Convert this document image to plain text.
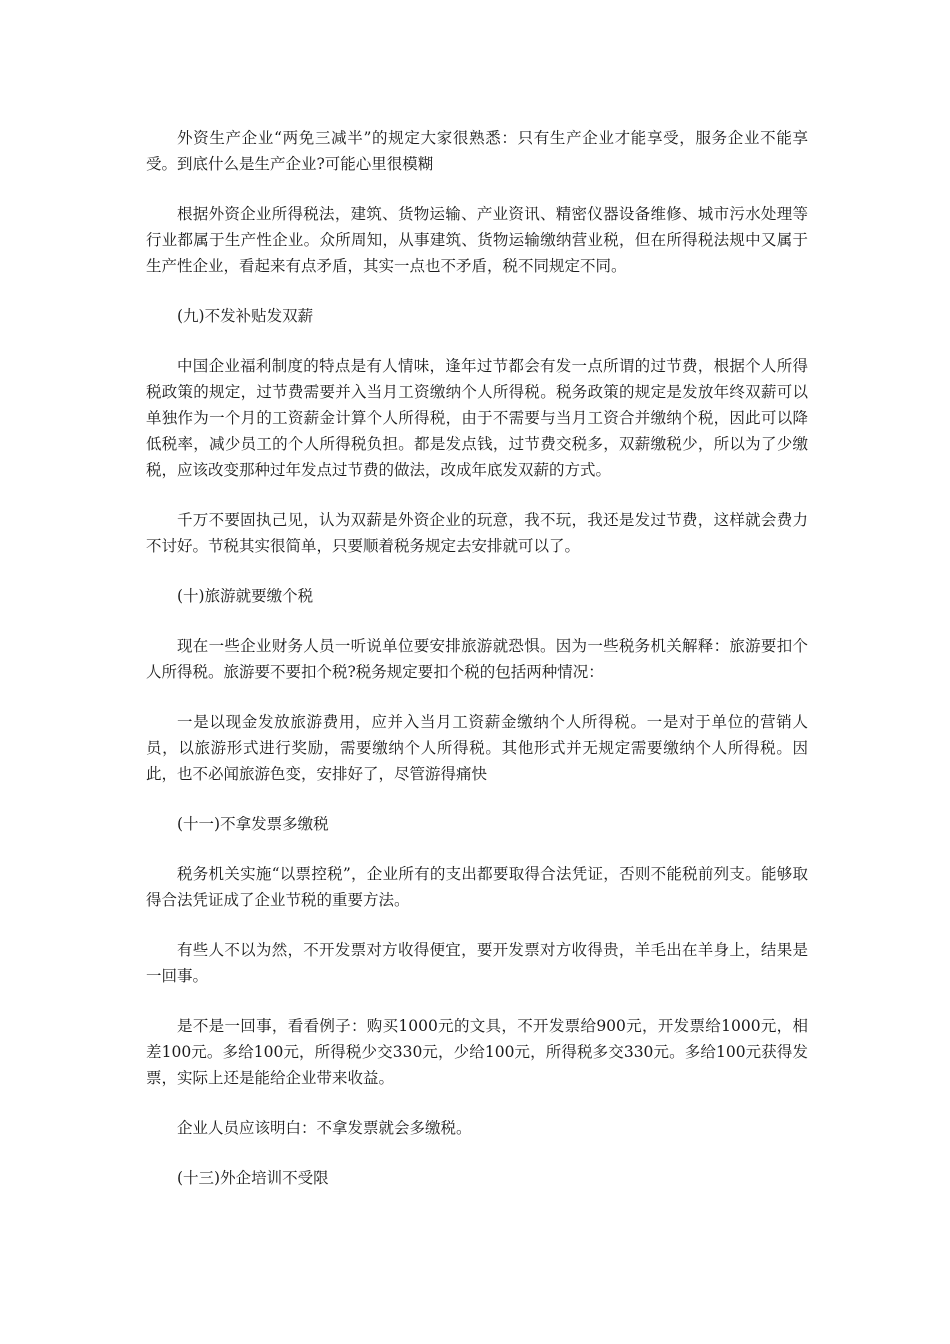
外资生产企业“两免三减半”的规定大家很熟悉：只有生产企业才能享受，服务企业不能享受。到底什么是生产企业?可能心里很模糊

根据外资企业所得税法，建筑、货物运输、产业资讯、精密仪器设备维修、城市污水处理等行业都属于生产性企业。众所周知，从事建筑、货物运输缴纳营业税，但在所得税法规中又属于生产性企业，看起来有点矛盾，其实一点也不矛盾，税不同规定不同。

(九)不发补贴发双薪

中国企业福利制度的特点是有人情味，逢年过节都会有发一点所谓的过节费，根据个人所得税政策的规定，过节费需要并入当月工资缴纳个人所得税。税务政策的规定是发放年终双薪可以单独作为一个月的工资薪金计算个人所得税，由于不需要与当月工资合并缴纳个税，因此可以降低税率，减少员工的个人所得税负担。都是发点钱，过节费交税多，双薪缴税少，所以为了少缴税，应该改变那种过年发点过节费的做法，改成年底发双薪的方式。

千万不要固执己见，认为双薪是外资企业的玩意，我不玩，我还是发过节费，这样就会费力不讨好。节税其实很简单，只要顺着税务规定去安排就可以了。

(十)旅游就要缴个税

现在一些企业财务人员一听说单位要安排旅游就恐惧。因为一些税务机关解释：旅游要扣个人所得税。旅游要不要扣个税?税务规定要扣个税的包括两种情况：

一是以现金发放旅游费用，应并入当月工资薪金缴纳个人所得税。一是对于单位的营销人员，以旅游形式进行奖励，需要缴纳个人所得税。其他形式并无规定需要缴纳个人所得税。因此，也不必闻旅游色变，安排好了，尽管游得痛快

(十一)不拿发票多缴税

税务机关实施“以票控税”，企业所有的支出都要取得合法凭证，否则不能税前列支。能够取得合法凭证成了企业节税的重要方法。

有些人不以为然，不开发票对方收得便宜，要开发票对方收得贵，羊毛出在羊身上，结果是一回事。

是不是一回事，看看例子：购买1000元的文具，不开发票给900元，开发票给1000元，相差100元。多给100元，所得税少交330元，少给100元，所得税多交330元。多给100元获得发票，实际上还是能给企业带来收益。

企业人员应该明白：不拿发票就会多缴税。

(十三)外企培训不受限
